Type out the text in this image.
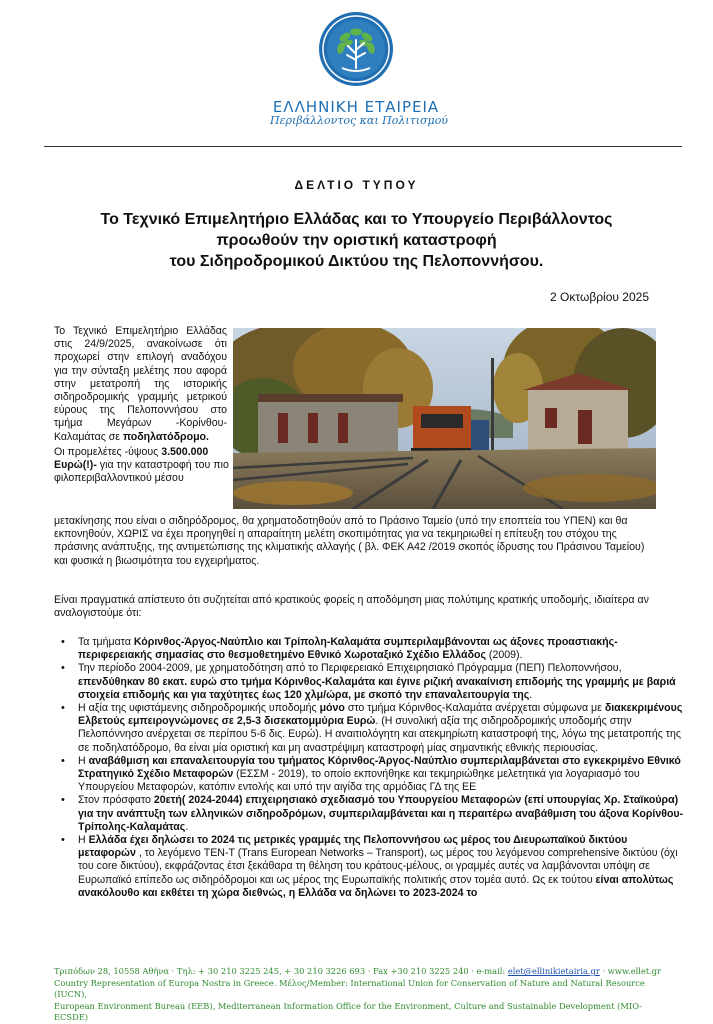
ΕΛΛΗΝΙΚΗ ΕΤΑΙΡΕΙΑ
Περιβάλλοντος και Πολιτισμού
ΔΕΛΤΙΟ ΤΥΠΟΥ
Το Τεχνικό Επιμελητήριο Ελλάδας και το Υπουργείο Περιβάλλοντος
προωθούν την οριστική καταστροφή
του Σιδηροδρομικού Δικτύου της Πελοποννήσου.
2 Οκτωβρίου 2025
Το Τεχνικό Επιμελητήριο Ελλάδας στις 24/9/2025, ανακοίνωσε ότι προχωρεί στην επιλογή αναδόχου για την σύνταξη μελέτης που αφορά στην μετατροπή της ιστορικής σιδηροδρομικής γραμμής μετρικού εύρους της Πελοποννήσου στο τμήμα Μεγάρων -Κορίνθου-Καλαμάτας σε ποδηλατόδρομο.
Οι προμελέτες -ύψους 3.500.000 Ευρώ(!)- για την καταστροφή του πιο φιλοπεριβαλλοντικού μέσου
μετακίνησης που είναι ο σιδηρόδρομος, θα χρηματοδοτηθούν από το Πράσινο Ταμείο (υπό την εποπτεία του ΥΠΕΝ) και θα εκπονηθούν, ΧΩΡΙΣ να έχει προηγηθεί η απαραίτητη μελέτη σκοπιμότητας για να τεκμηριωθεί η επίτευξη του στόχου της πράσινης ανάπτυξης, της αντιμετώπισης της κλιματικής αλλαγής ( βλ. ΦΕΚ Α42 /2019 σκοπός ίδρυσης του Πράσινου Ταμείου) και φυσικά η βιωσιμότητα του εγχειρήματος.
Είναι πραγματικά απίστευτο ότι συζητείται από κρατικούς φορείς η αποδόμηση μιας πολύτιμης κρατικής υποδομής, ιδιαίτερα αν αναλογιστούμε ότι:
• Τα τμήματα Κόρινθος-Άργος-Ναύπλιο και Τρίπολη-Καλαμάτα συμπεριλαμβάνονται ως άξονες προαστιακής-περιφερειακής σημασίας στο θεσμοθετημένο Εθνικό Χωροταξικό Σχέδιο Ελλάδος (2009).
• Την περίοδο 2004-2009, με χρηματοδότηση από το Περιφερειακό Επιχειρησιακό Πρόγραμμα (ΠΕΠ) Πελοποννήσου, επενδύθηκαν 80 εκατ. ευρώ στο τμήμα Κόρινθος-Καλαμάτα και έγινε ριζική ανακαίνιση επιδομής της γραμμής με βαριά στοιχεία επιδομής και για ταχύτητες έως 120 χλμ/ώρα, με σκοπό την επαναλειτουργία της.
• Η αξία της υφιστάμενης σιδηροδρομικής υποδομής μόνο στο τμήμα Κόρινθος-Καλαμάτα ανέρχεται σύμφωνα με διακεκριμένους Ελβετούς εμπειρογνώμονες σε 2,5-3 δισεκατομμύρια Ευρώ. (Η συνολική αξία της σιδηροδρομικής υποδομής στην Πελοπόννησο ανέρχεται σε περίπου 5-6 δις. Ευρώ). Η αναιτιολόγητη και ατεκμηρίωτη καταστροφή της, λόγω της μετατροπής της σε ποδηλατόδρομο, θα είναι μία οριστική και μη αναστρέψιμη καταστροφή μίας σημαντικής εθνικής περιουσίας.
• Η αναβάθμιση και επαναλειτουργία του τμήματος Κόρινθος-Άργος-Ναύπλιο συμπεριλαμβάνεται στο εγκεκριμένο Εθνικό Στρατηγικό Σχέδιο Μεταφορών (ΕΣΣΜ - 2019), το οποίο εκπονήθηκε και τεκμηριώθηκε μελετητικά για λογαριασμό του Υπουργείου Μεταφορών, κατόπιν εντολής και υπό την αιγίδα της αρμόδιας ΓΔ της ΕΕ
• Στον πρόσφατο 20ετή( 2024-2044) επιχειρησιακό σχεδιασμό του Υπουργείου Μεταφορών (επί υπουργίας Χρ. Σταϊκούρα) για την ανάπτυξη των ελληνικών σιδηροδρόμων, συμπεριλαμβάνεται και η περαιτέρω αναβάθμιση του άξονα Κορίνθου-Τρίπολης-Καλαμάτας.
• Η Ελλάδα έχει δηλώσει το 2024 τις μετρικές γραμμές της Πελοποννήσου ως μέρος του Διευρωπαϊκού δικτύου μεταφορών , το λεγόμενο TEN-T (Trans European Networks – Transport), ως μέρος του λεγόμενου comprehensive δικτύου (όχι του core δικτύου), εκφράζοντας έτσι ξεκάθαρα τη θέληση του κράτους-μέλους, οι γραμμές αυτές να λαμβάνονται υπόψη σε Ευρωπαϊκό επίπεδο ως σιδηρόδρομοι και ως μέρος της Ευρωπαϊκής πολιτικής στον τομέα αυτό. Ως εκ τούτου είναι απολύτως ανακόλουθο και εκθέτει τη χώρα διεθνώς, η Ελλάδα να δηλώνει το 2023-2024 το
Τριπόδων 28, 10558 Αθήνα · Τηλ: + 30 210 3225 245, + 30 210 3226 693 · Fax +30 210 3225 240 · e-mail: elet@ellinikietairia.gr · www.ellet.gr
Country Representation of Europa Nostra in Greece. Μέλος/Member: International Union for Conservation of Nature and Natural Resource (IUCN),
European Environment Bureau (EEB), Mediterranean Information Office for the Environment, Culture and Sustainable Development (MIO-ECSDE)
